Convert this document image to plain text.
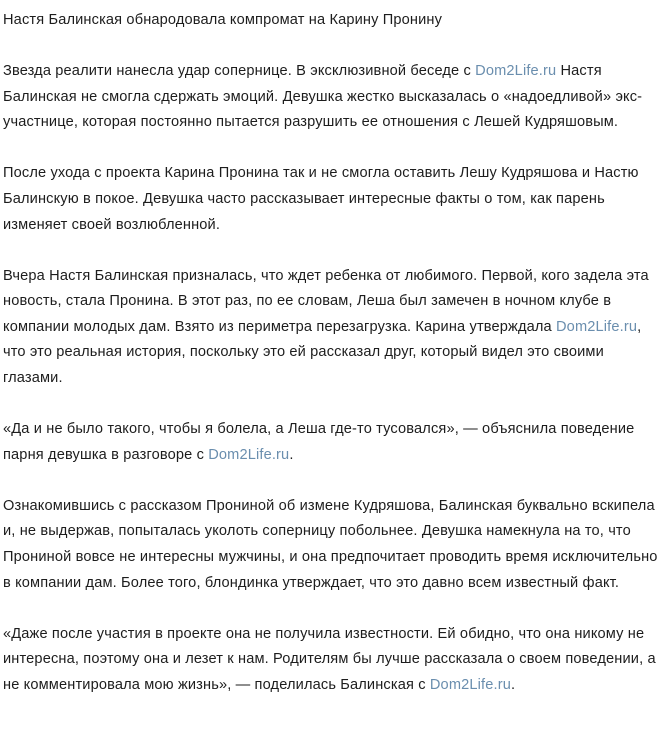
Настя Балинская обнародовала компромат на Карину Пронину

Звезда реалити нанесла удар сопернице. В эксклюзивной беседе с Dom2Life.ru Настя Балинская не смогла сдержать эмоций. Девушка жестко высказалась о «надоедливой» экс-участнице, которая постоянно пытается разрушить ее отношения с Лешей Кудряшовым.

После ухода с проекта Карина Пронина так и не смогла оставить Лешу Кудряшова и Настю Балинскую в покое. Девушка часто рассказывает интересные факты о том, как парень изменяет своей возлюбленной.

Вчера Настя Балинская призналась, что ждет ребенка от любимого. Первой, кого задела эта новость, стала Пронина. В этот раз, по ее словам, Леша был замечен в ночном клубе в компании молодых дам. Взято из периметра перезагрузка. Карина утверждала Dom2Life.ru, что это реальная история, поскольку это ей рассказал друг, который видел это своими глазами.

«Да и не было такого, чтобы я болела, а Леша где-то тусовался», — объяснила поведение парня девушка в разговоре с Dom2Life.ru.

Ознакомившись с рассказом Прониной об измене Кудряшова, Балинская буквально вскипела и, не выдержав, попыталась уколоть соперницу побольнее. Девушка намекнула на то, что Прониной вовсе не интересны мужчины, и она предпочитает проводить время исключительно в компании дам. Более того, блондинка утверждает, что это давно всем известный факт.

«Даже после участия в проекте она не получила известности. Ей обидно, что она никому не интересна, поэтому она и лезет к нам. Родителям бы лучше рассказала о своем поведении, а не комментировала мою жизнь», — поделилась Балинская с Dom2Life.ru.
